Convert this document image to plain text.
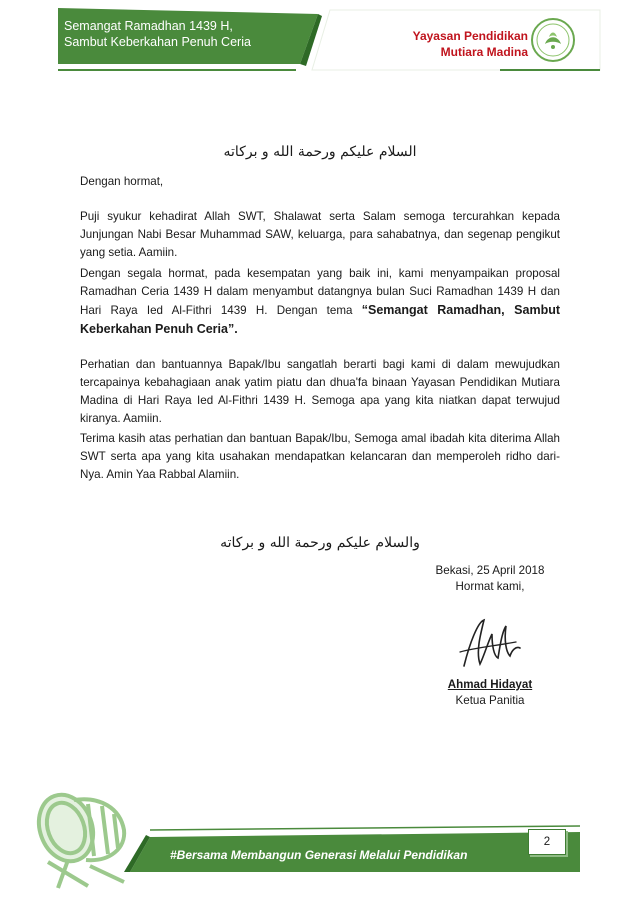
Semangat Ramadhan 1439 H,
Sambut Keberkahan Penuh Ceria	Yayasan Pendidikan
Mutiara Madina
السلام عليكم ورحمة الله و بركاته
Dengan hormat,
Puji syukur kehadirat Allah SWT, Shalawat serta Salam semoga tercurahkan kepada Junjungan Nabi Besar Muhammad SAW, keluarga, para sahabatnya, dan segenap pengikut yang setia. Aamiin.
Dengan segala hormat, pada kesempatan yang baik ini, kami menyampaikan proposal Ramadhan Ceria 1439 H dalam menyambut datangnya bulan Suci Ramadhan 1439 H dan Hari Raya Ied Al-Fithri 1439 H. Dengan tema “Semangat Ramadhan, Sambut Keberkahan Penuh Ceria”.
Perhatian dan bantuannya Bapak/Ibu sangatlah berarti bagi kami di dalam mewujudkan tercapainya kebahagiaan anak yatim piatu dan dhua'fa binaan Yayasan Pendidikan Mutiara Madina di Hari Raya Ied Al-Fithri 1439 H. Semoga apa yang kita niatkan dapat terwujud kiranya. Aamiin.
Terima kasih atas perhatian dan bantuan Bapak/Ibu, Semoga amal ibadah kita diterima Allah SWT serta apa yang kita usahakan mendapatkan kelancaran dan memperoleh ridho dari-Nya. Amin Yaa Rabbal Alamiin.
والسلام عليكم ورحمة الله و بركاته
Bekasi, 25 April 2018
Hormat kami,
Ahmad Hidayat
Ketua Panitia
#Bersama Membangun Generasi Melalui Pendidikan
2
